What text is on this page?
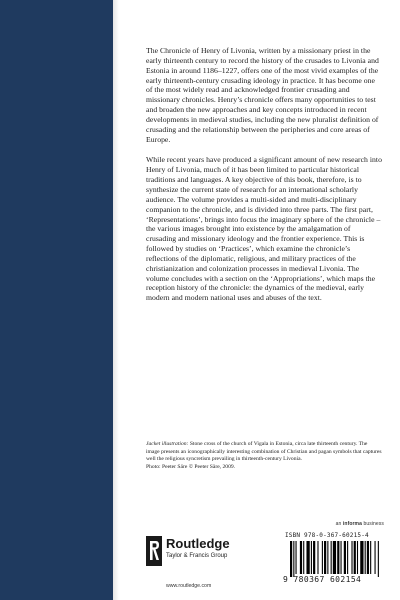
The Chronicle of Henry of Livonia, written by a missionary priest in the early thirteenth century to record the history of the crusades to Livonia and Estonia in around 1186–1227, offers one of the most vivid examples of the early thirteenth-century crusading ideology in practice. It has become one of the most widely read and acknowledged frontier crusading and missionary chronicles. Henry’s chronicle offers many opportunities to test and broaden the new approaches and key concepts introduced in recent developments in medieval studies, including the new pluralist definition of crusading and the relationship between the peripheries and core areas of Europe.

While recent years have produced a significant amount of new research into Henry of Livonia, much of it has been limited to particular historical traditions and languages. A key objective of this book, therefore, is to synthesize the current state of research for an international scholarly audience. The volume provides a multi-sided and multi-disciplinary companion to the chronicle, and is divided into three parts. The first part, ‘Representations’, brings into focus the imaginary sphere of the chronicle – the various images brought into existence by the amalgamation of crusading and missionary ideology and the frontier experience. This is followed by studies on ‘Practices’, which examine the chronicle’s reflections of the diplomatic, religious, and military practices of the christianization and colonization processes in medieval Livonia. The volume concludes with a section on the ‘Appropriations’, which maps the reception history of the chronicle: the dynamics of the medieval, early modern and modern national uses and abuses of the text.

Jacket illustration: Stone cross of the church of Vigala in Estonia, circa late thirteenth century. The image presents an iconographically interesting combination of Christian and pagan symbols that captures well the religious syncretism prevailing in thirteenth-century Livonia.
Photo: Peeter Säre © Peeter Säre, 2009.
an informa business
ISBN 978-0-367-60215-4
9 780367 602154
Routledge
Taylor & Francis Group
www.routledge.com
